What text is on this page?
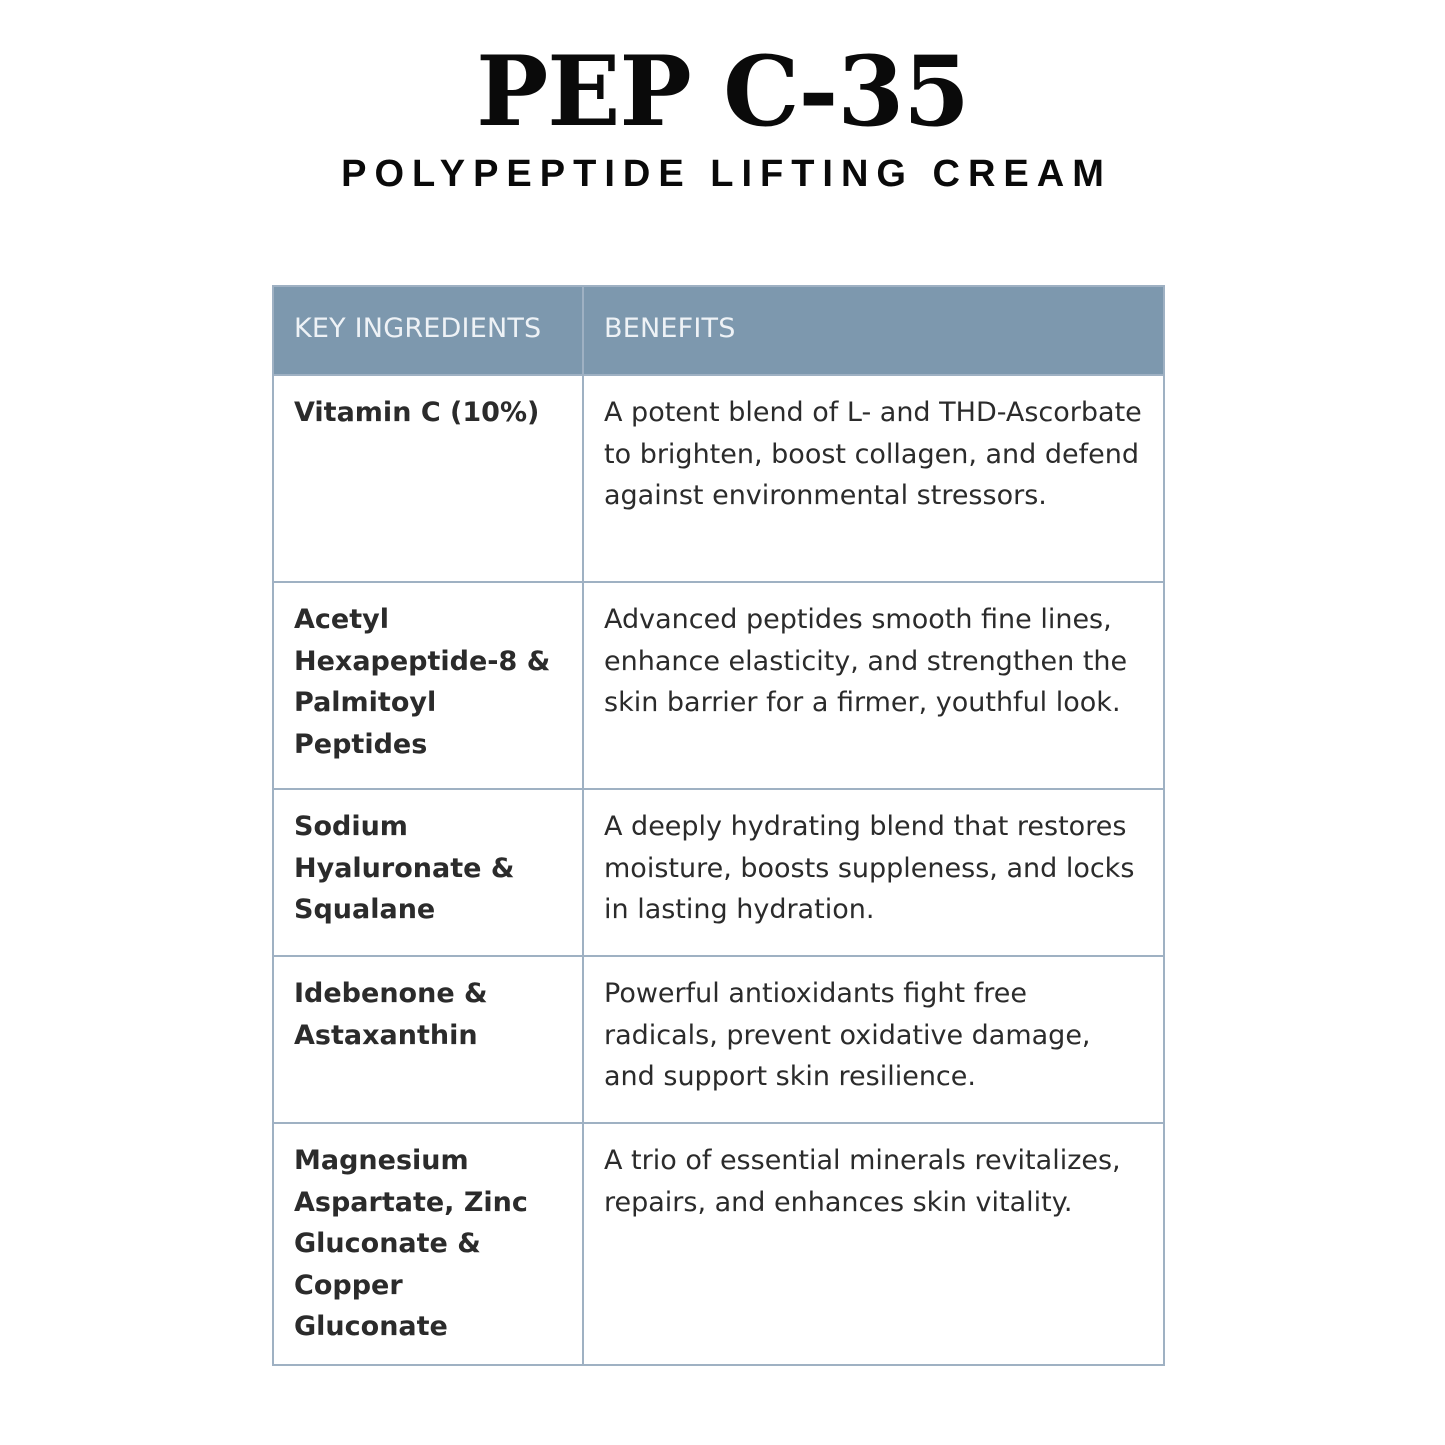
PEP C-35
POLYPEPTIDE LIFTING CREAM
KEY INGREDIENTS	BENEFITS
Vitamin C (10%)	A potent blend of L- and THD-Ascorbate to brighten, boost collagen, and defend against environmental stressors.
Acetyl Hexapeptide-8 & Palmitoyl Peptides	Advanced peptides smooth fine lines, enhance elasticity, and strengthen the skin barrier for a firmer, youthful look.
Sodium Hyaluronate & Squalane	A deeply hydrating blend that restores moisture, boosts suppleness, and locks in lasting hydration.
Idebenone & Astaxanthin	Powerful antioxidants fight free radicals, prevent oxidative damage, and support skin resilience.
Magnesium Aspartate, Zinc Gluconate & Copper Gluconate	A trio of essential minerals revitalizes, repairs, and enhances skin vitality.
